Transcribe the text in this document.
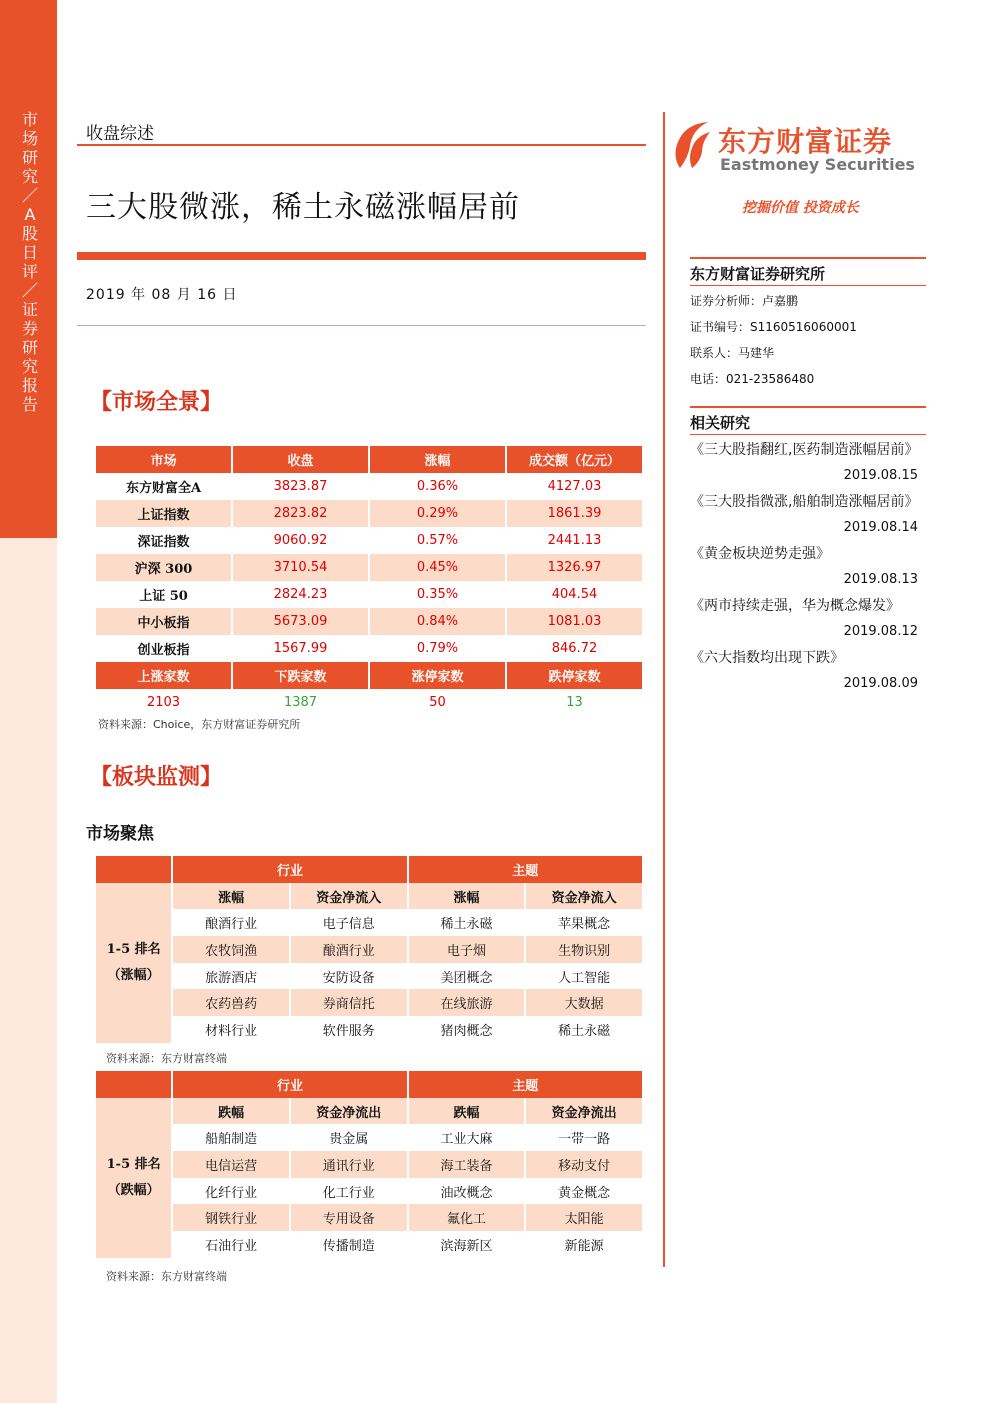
市场研究／A股日评／证券研究报告
收盘综述
三大股微涨，稀土永磁涨幅居前
2019 年 08 月 16 日
【市场全景】
市场	收盘	涨幅	成交额（亿元）
东方财富全A	3823.87	0.36%	4127.03
上证指数	2823.82	0.29%	1861.39
深证指数	9060.92	0.57%	2441.13
沪深 300	3710.54	0.45%	1326.97
上证 50	2824.23	0.35%	404.54
中小板指	5673.09	0.84%	1081.03
创业板指	1567.99	0.79%	846.72
上涨家数	下跌家数	涨停家数	跌停家数
2103	1387	50	13
资料来源：Choice，东方财富证券研究所
【板块监测】
市场聚焦
	行业		主题	

1-5 排名
（涨幅）	涨幅	资金净流入	涨幅	资金净流入
	酿酒行业	电子信息	稀土永磁	苹果概念
	农牧饲渔	酿酒行业	电子烟	生物识别
	旅游酒店	安防设备	美团概念	人工智能
	农药兽药	券商信托	在线旅游	大数据
	材料行业	软件服务	猪肉概念	稀土永磁
资料来源：东方财富终端
	行业		主题	

1-5 排名
（跌幅）	跌幅	资金净流出	跌幅	资金净流出
	船舶制造	贵金属	工业大麻	一带一路
	电信运营	通讯行业	海工装备	移动支付
	化纤行业	化工行业	油改概念	黄金概念
	钢铁行业	专用设备	氟化工	太阳能
	石油行业	传播制造	滨海新区	新能源
资料来源：东方财富终端
东方财富证券
Eastmoney Securities
挖掘价值 投资成长
东方财富证券研究所
证券分析师：卢嘉鹏
证书编号：S1160516060001
联系人：马建华
电话：021-23586480
相关研究
《三大股指翻红,医药制造涨幅居前》
2019.08.15
《三大股指微涨,船舶制造涨幅居前》
2019.08.14
《黄金板块逆势走强》
2019.08.13
《两市持续走强，华为概念爆发》
2019.08.12
《六大指数均出现下跌》
2019.08.09
